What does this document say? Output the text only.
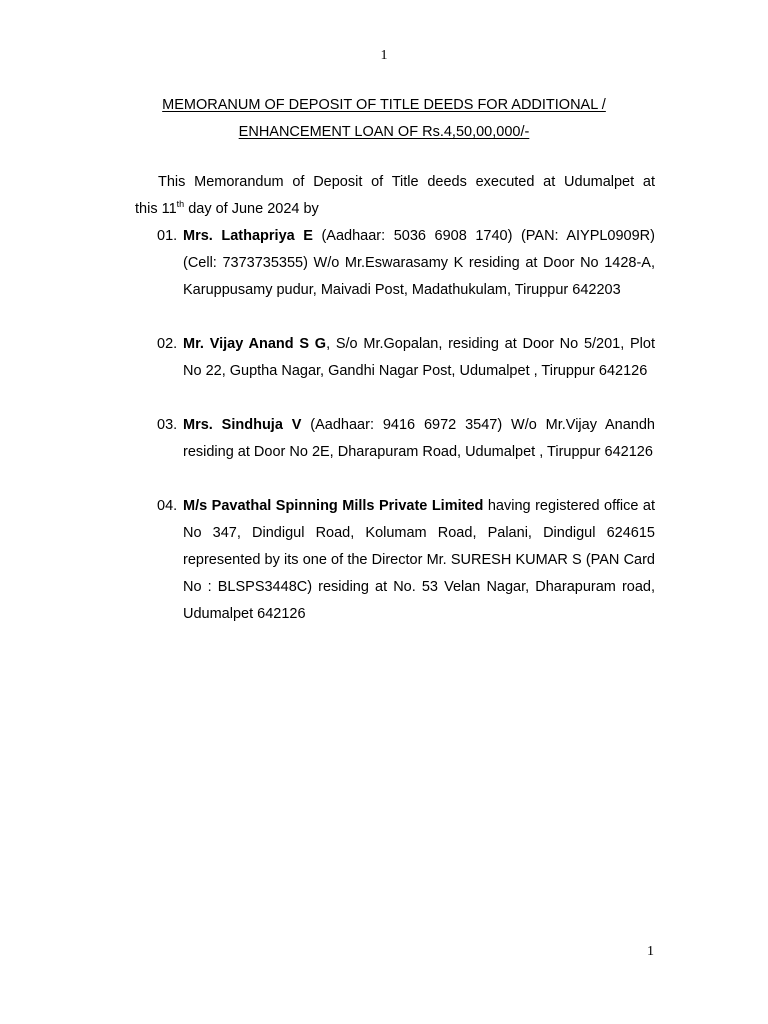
1
MEMORANUM OF DEPOSIT OF TITLE DEEDS FOR ADDITIONAL /
ENHANCEMENT LOAN OF Rs.4,50,00,000/-
This Memorandum of Deposit of Title deeds executed at Udumalpet at
this 11th day of June 2024 by
01. Mrs. Lathapriya E (Aadhaar: 5036 6908 1740) (PAN: AIYPL0909R) (Cell: 7373735355) W/o Mr.Eswarasamy K residing at Door No 1428-A, Karuppusamy pudur, Maivadi Post, Madathukulam, Tiruppur 642203
02. Mr. Vijay Anand S G, S/o Mr.Gopalan, residing at Door No 5/201, Plot No 22, Guptha Nagar, Gandhi Nagar Post, Udumalpet , Tiruppur 642126
03. Mrs. Sindhuja V (Aadhaar: 9416 6972 3547) W/o Mr.Vijay Anandh residing at Door No 2E, Dharapuram Road, Udumalpet , Tiruppur 642126
04. M/s Pavathal Spinning Mills Private Limited having registered office at No 347, Dindigul Road, Kolumam Road, Palani, Dindigul 624615 represented by its one of the Director Mr. SURESH KUMAR S (PAN Card No : BLSPS3448C) residing at No. 53 Velan Nagar, Dharapuram road, Udumalpet 642126
1
